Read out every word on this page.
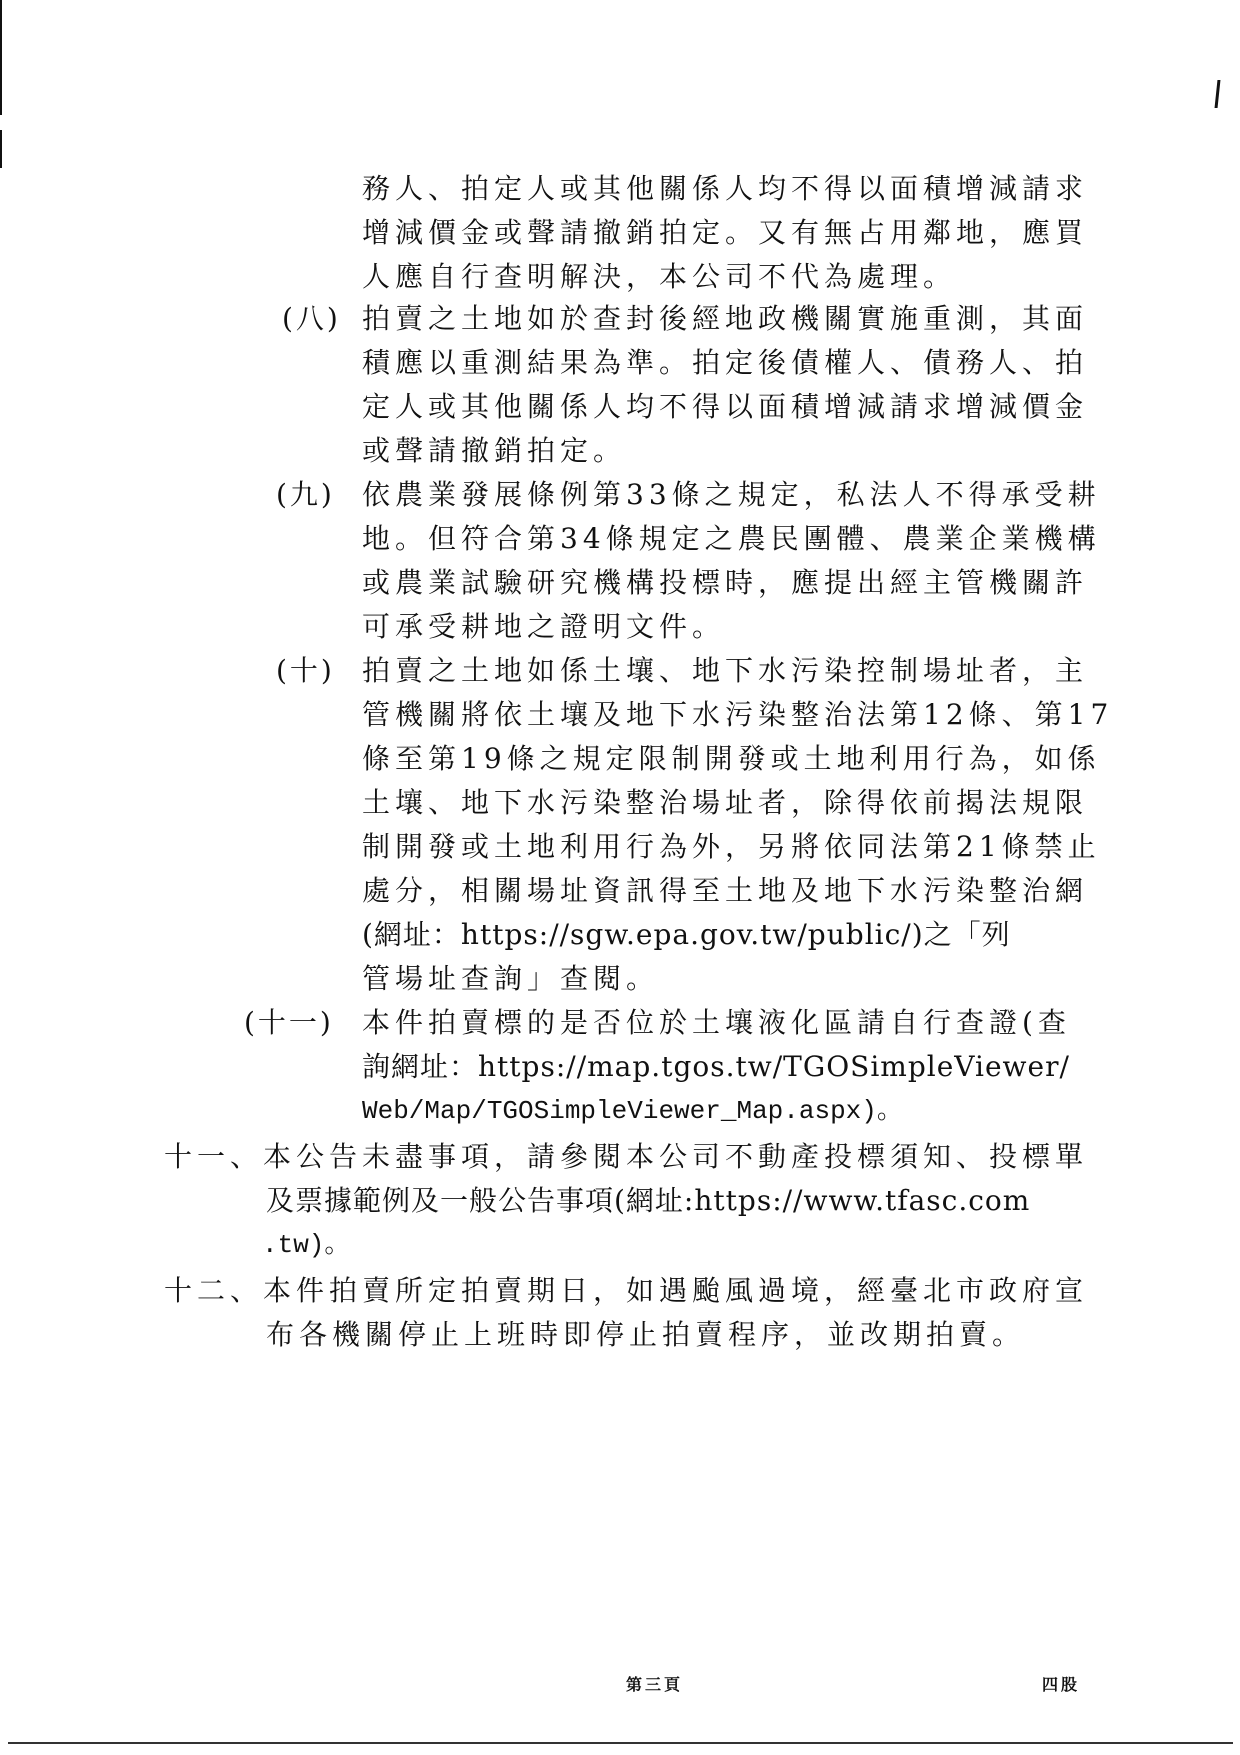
務人、拍定人或其他關係人均不得以面積增減請求
增減價金或聲請撤銷拍定。又有無占用鄰地，應買
人應自行查明解決，本公司不代為處理。
(八) 拍賣之土地如於查封後經地政機關實施重測，其面
積應以重測結果為準。拍定後債權人、債務人、拍
定人或其他關係人均不得以面積增減請求增減價金
或聲請撤銷拍定。
(九) 依農業發展條例第33條之規定，私法人不得承受耕
地。但符合第34條規定之農民團體、農業企業機構
或農業試驗研究機構投標時，應提出經主管機關許
可承受耕地之證明文件。
(十) 拍賣之土地如係土壤、地下水污染控制場址者，主
管機關將依土壤及地下水污染整治法第12條、第17
條至第19條之規定限制開發或土地利用行為，如係
土壤、地下水污染整治場址者，除得依前揭法規限
制開發或土地利用行為外，另將依同法第21條禁止
處分，相關場址資訊得至土地及地下水污染整治網
(網址：https://sgw.epa.gov.tw/public/)之「列
管場址查詢」查閱。
(十一) 本件拍賣標的是否位於土壤液化區請自行查證(查
詢網址：https://map.tgos.tw/TGOSimpleViewer/
Web/Map/TGOSimpleViewer_Map.aspx)。
十一、本公告未盡事項，請參閱本公司不動產投標須知、投標單
及票據範例及一般公告事項(網址:https://www.tfasc.com
.tw)。
十二、本件拍賣所定拍賣期日，如遇颱風過境，經臺北市政府宣
布各機關停止上班時即停止拍賣程序，並改期拍賣。
第三頁	四股
